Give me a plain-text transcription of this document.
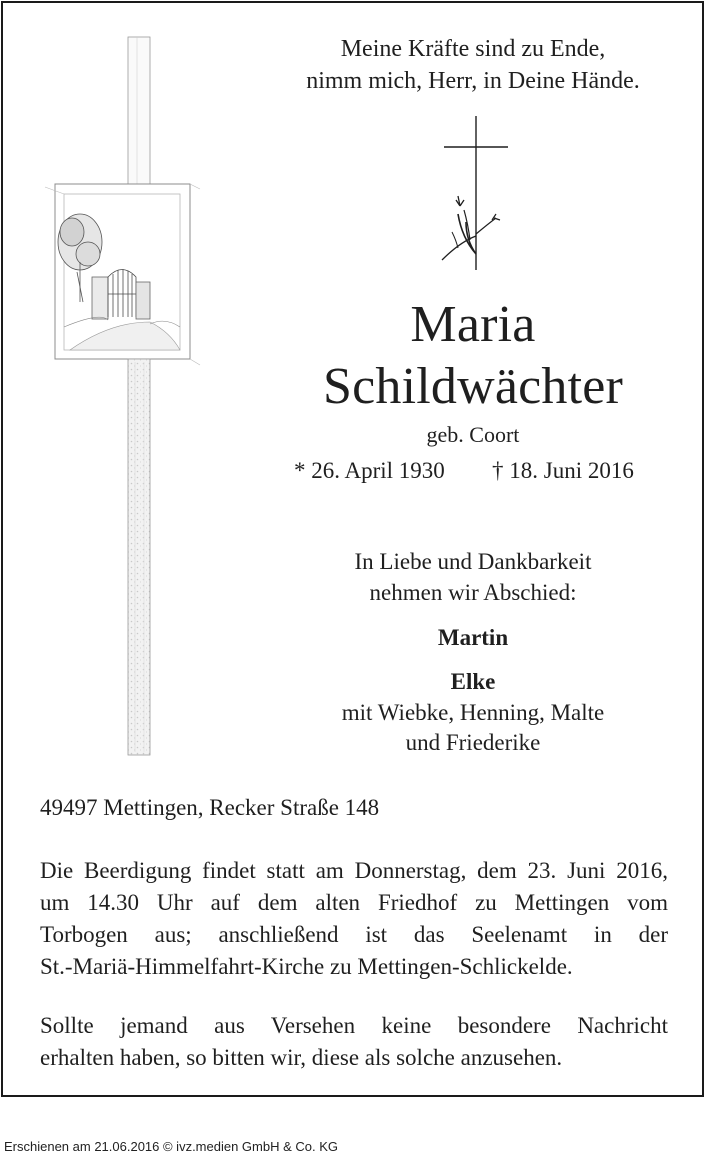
Meine Kräfte sind zu Ende,
nimm mich, Herr, in Deine Hände.
Maria
Schildwächter
geb. Coort
* 26. April 1930 † 18. Juni 2016
In Liebe und Dankbarkeit
nehmen wir Abschied:
Martin
Elke
mit Wiebke, Henning, Malte
und Friederike
49497 Mettingen, Recker Straße 148
Die Beerdigung findet statt am Donnerstag, dem 23. Juni 2016,
um 14.30 Uhr auf dem alten Friedhof zu Mettingen vom
Torbogen aus; anschließend ist das Seelenamt in der
St.-Mariä-Himmelfahrt-Kirche zu Mettingen-Schlickelde.
Sollte jemand aus Versehen keine besondere Nachricht
erhalten haben, so bitten wir, diese als solche anzusehen.
Erschienen am 21.06.2016 © ivz.medien GmbH & Co. KG
